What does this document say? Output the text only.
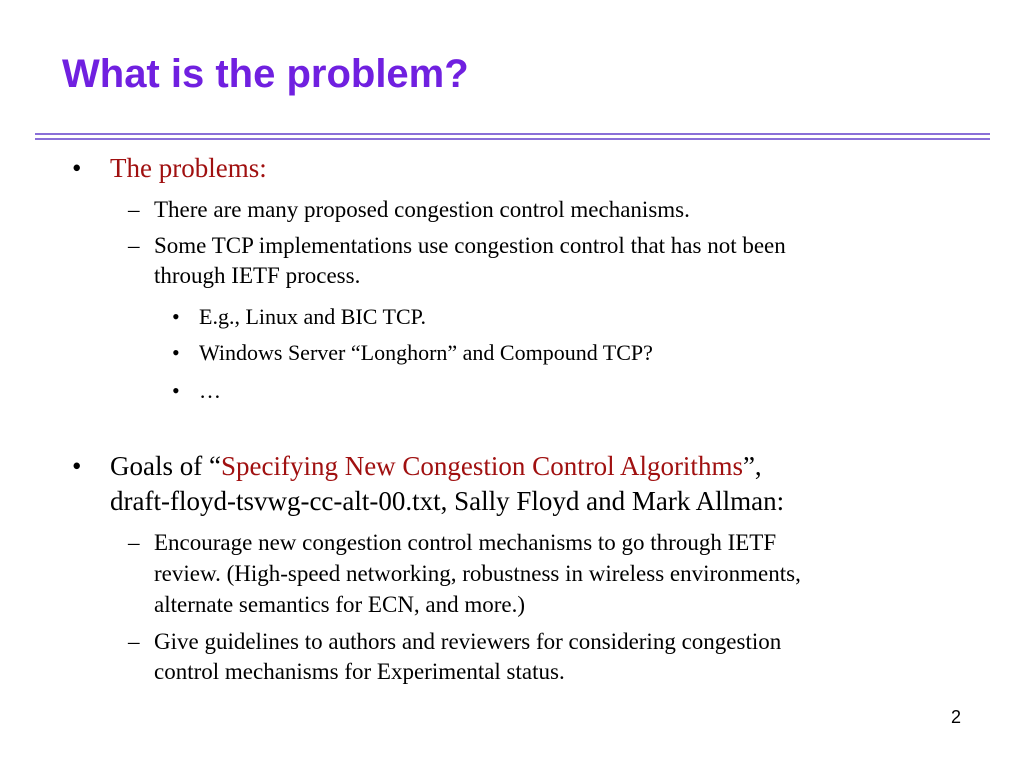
What is the problem?
• The problems:
– There are many proposed congestion control mechanisms.
– Some TCP implementations use congestion control that has not been
through IETF process.
• E.g., Linux and BIC TCP.
• Windows Server “Longhorn” and Compound TCP?
• …
• Goals of “Specifying New Congestion Control Algorithms”,
draft-floyd-tsvwg-cc-alt-00.txt, Sally Floyd and Mark Allman:
– Encourage new congestion control mechanisms to go through IETF
review. (High-speed networking, robustness in wireless environments,
alternate semantics for ECN, and more.)
– Give guidelines to authors and reviewers for considering congestion
control mechanisms for Experimental status.
2
